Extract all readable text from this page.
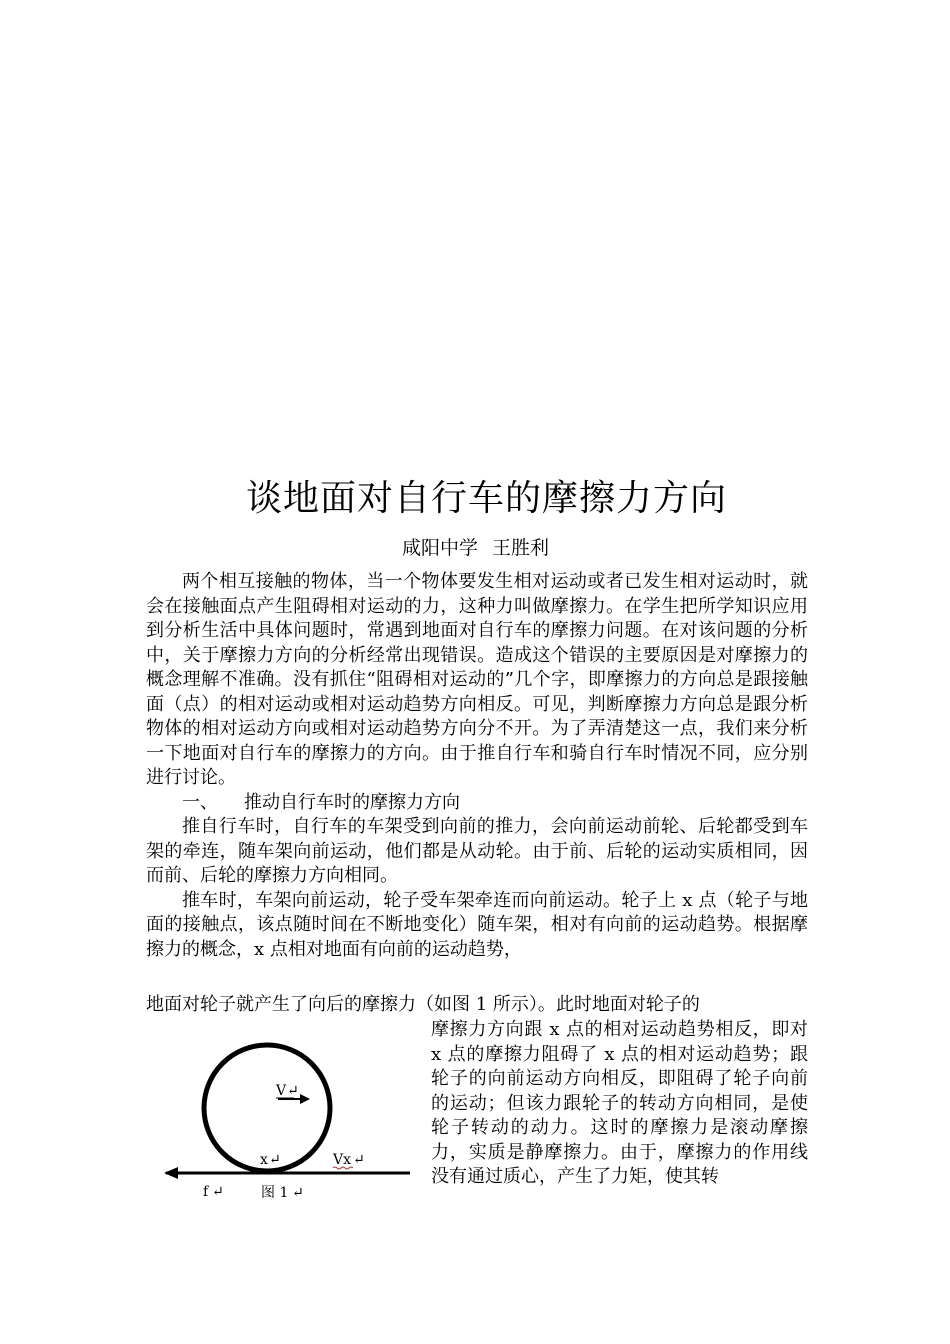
谈地面对自行车的摩擦力方向
咸阳中学 王胜利

两个相互接触的物体，当一个物体要发生相对运动或者已发生相对运动时，就会在接触面点产生阻碍相对运动的力，这种力叫做摩擦力。在学生把所学知识应用到分析生活中具体问题时，常遇到地面对自行车的摩擦力问题。在对该问题的分析中，关于摩擦力方向的分析经常出现错误。造成这个错误的主要原因是对摩擦力的概念理解不准确。没有抓住“阻碍相对运动的”几个字，即摩擦力的方向总是跟接触面（点）的相对运动或相对运动趋势方向相反。可见，判断摩擦力方向总是跟分析物体的相对运动方向或相对运动趋势方向分不开。为了弄清楚这一点，我们来分析一下地面对自行车的摩擦力的方向。由于推自行车和骑自行车时情况不同，应分别进行讨论。

一、 推动自行车时的摩擦力方向

推自行车时，自行车的车架受到向前的推力，会向前运动前轮、后轮都受到车架的牵连，随车架向前运动，他们都是从动轮。由于前、后轮的运动实质相同，因而前、后轮的摩擦力方向相同。

推车时，车架向前运动，轮子受车架牵连而向前运动。轮子上 x 点（轮子与地面的接触点，该点随时间在不断地变化）随车架，相对有向前的运动趋势。根据摩擦力的概念，x 点相对地面有向前的运动趋势，

地面对轮子就产生了向后的摩擦力（如图 1 所示）。此时地面对轮子的

摩擦力方向跟 x 点的相对运动趋势相反，即对 x 点的摩擦力阻碍了 x 点的相对运动趋势；跟轮子的向前运动方向相反，即阻碍了轮子向前的运动；但该力跟轮子的转动方向相同，是使轮子转动的动力。这时的摩擦力是滚动摩擦力，实质是静摩擦力。由于，摩擦力的作用线没有通过质心，产生了力矩，使其转

V ↵
x ↵	Vx ↵
f ↵	图 1 ↵
